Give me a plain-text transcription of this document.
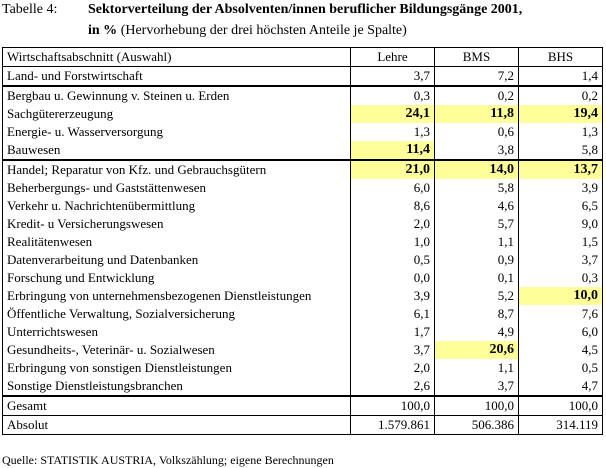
Tabelle 4:	Sektorverteilung der Absolventen/innen beruflicher Bildungsgänge 2001,
in % (Hervorhebung der drei höchsten Anteile je Spalte)
Wirtschaftsabschnitt (Auswahl)	Lehre	BMS	BHS
Land- und Forstwirtschaft	3,7	7,2	1,4
Bergbau u. Gewinnung v. Steinen u. Erden	0,3	0,2	0,2
Sachgütererzeugung	24,1	11,8	19,4
Energie- u. Wasserversorgung	1,3	0,6	1,3
Bauwesen	11,4	3,8	5,8
Handel; Reparatur von Kfz. und Gebrauchsgütern	21,0	14,0	13,7
Beherbergungs- und Gaststättenwesen	6,0	5,8	3,9
Verkehr u. Nachrichtenübermittlung	8,6	4,6	6,5
Kredit- u Versicherungswesen	2,0	5,7	9,0
Realitätenwesen	1,0	1,1	1,5
Datenverarbeitung und Datenbanken	0,5	0,9	3,7
Forschung und Entwicklung	0,0	0,1	0,3
Erbringung von unternehmensbezogenen Dienstleistungen	3,9	5,2	10,0
Öffentliche Verwaltung, Sozialversicherung	6,1	8,7	7,6
Unterrichtswesen	1,7	4,9	6,0
Gesundheits-, Veterinär- u. Sozialwesen	3,7	20,6	4,5
Erbringung von sonstigen Dienstleistungen	2,0	1,1	0,5
Sonstige Dienstleistungsbranchen	2,6	3,7	4,7
Gesamt	100,0	100,0	100,0
Absolut	1.579.861	506.386	314.119
Quelle: STATISTIK AUSTRIA, Volkszählung; eigene Berechnungen
